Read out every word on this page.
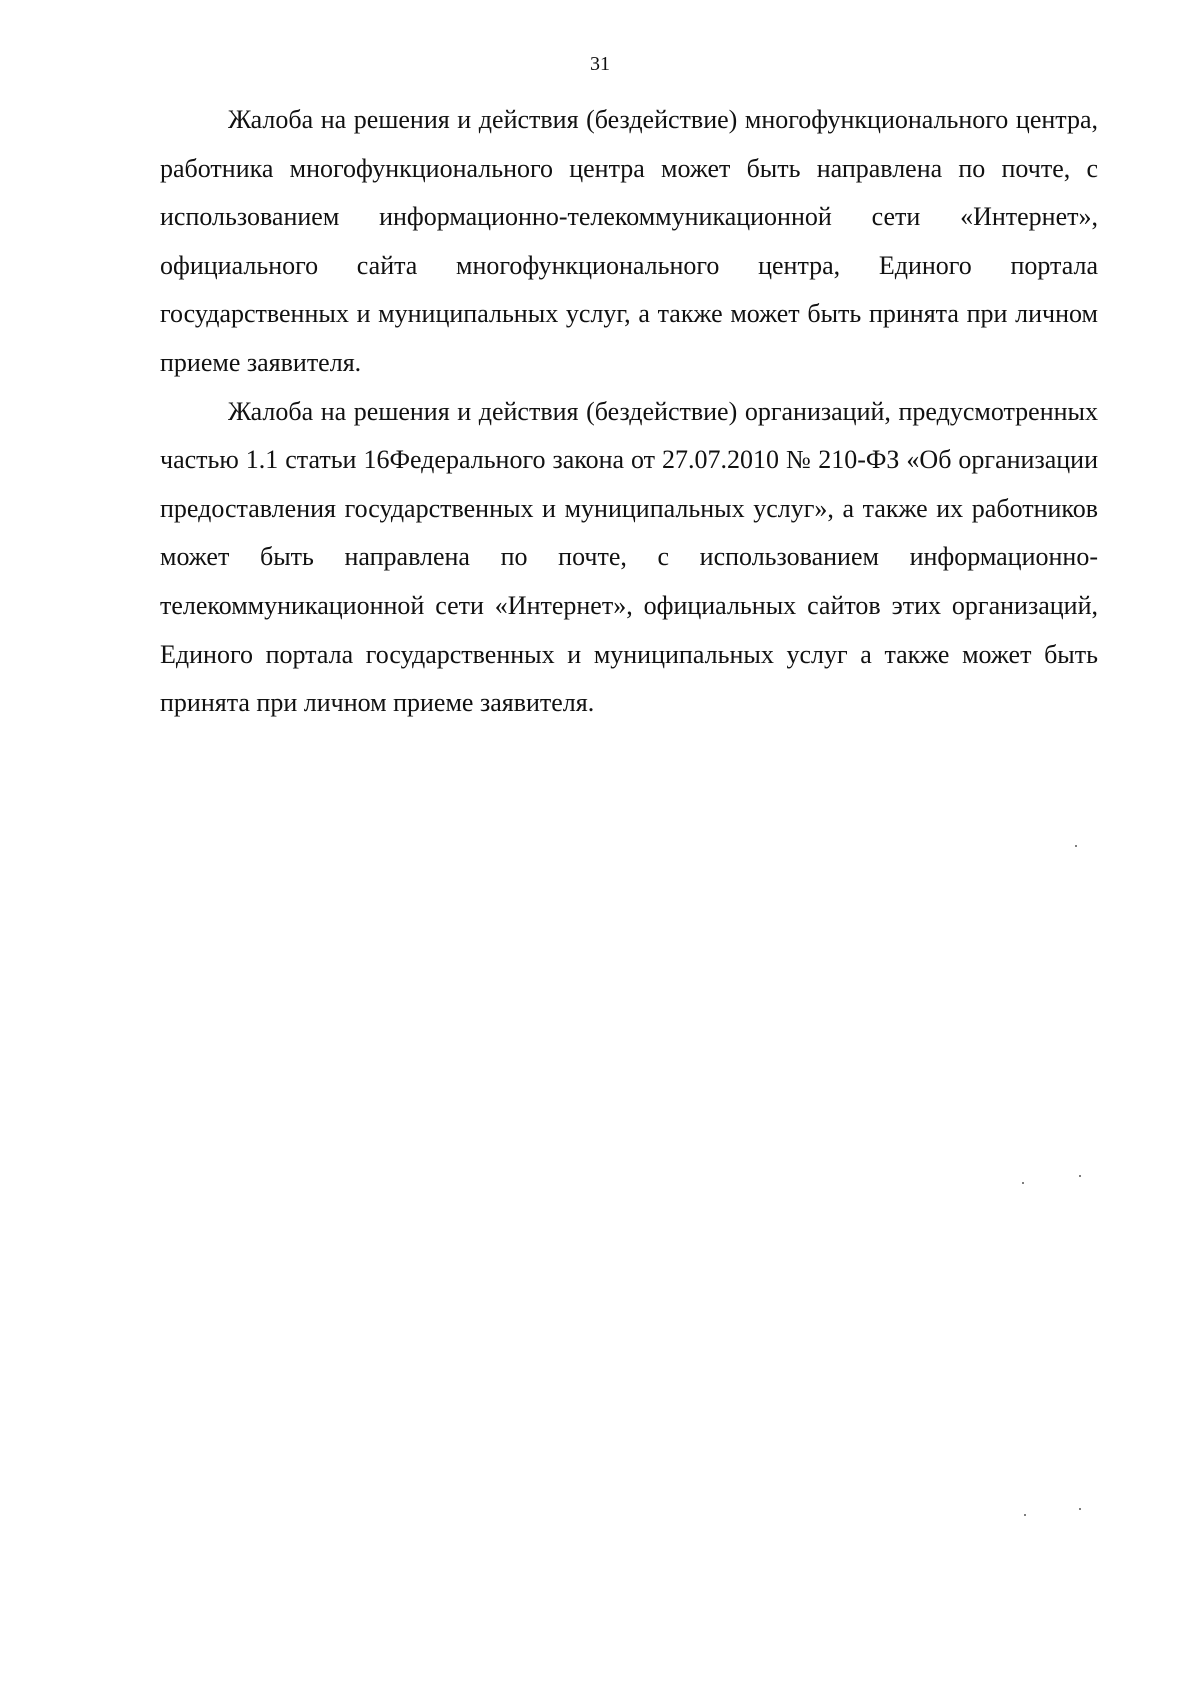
31

Жалоба на решения и действия (бездействие) многофункционального центра, работника многофункционального центра может быть направлена по почте, с использованием информационно-телекоммуникационной сети «Интернет», официального сайта многофункционального центра, Единого портала государственных и муниципальных услуг, а также может быть принята при личном приеме заявителя.

Жалоба на решения и действия (бездействие) организаций, предусмотренных частью 1.1 статьи 16Федерального закона от 27.07.2010 № 210-ФЗ «Об организации предоставления государственных и муниципальных услуг», а также их работников может быть направлена по почте, с использованием информационно-телекоммуникационной сети «Интернет», официальных сайтов этих организаций, Единого портала государственных и муниципальных услуг а также может быть принята при личном приеме заявителя.
